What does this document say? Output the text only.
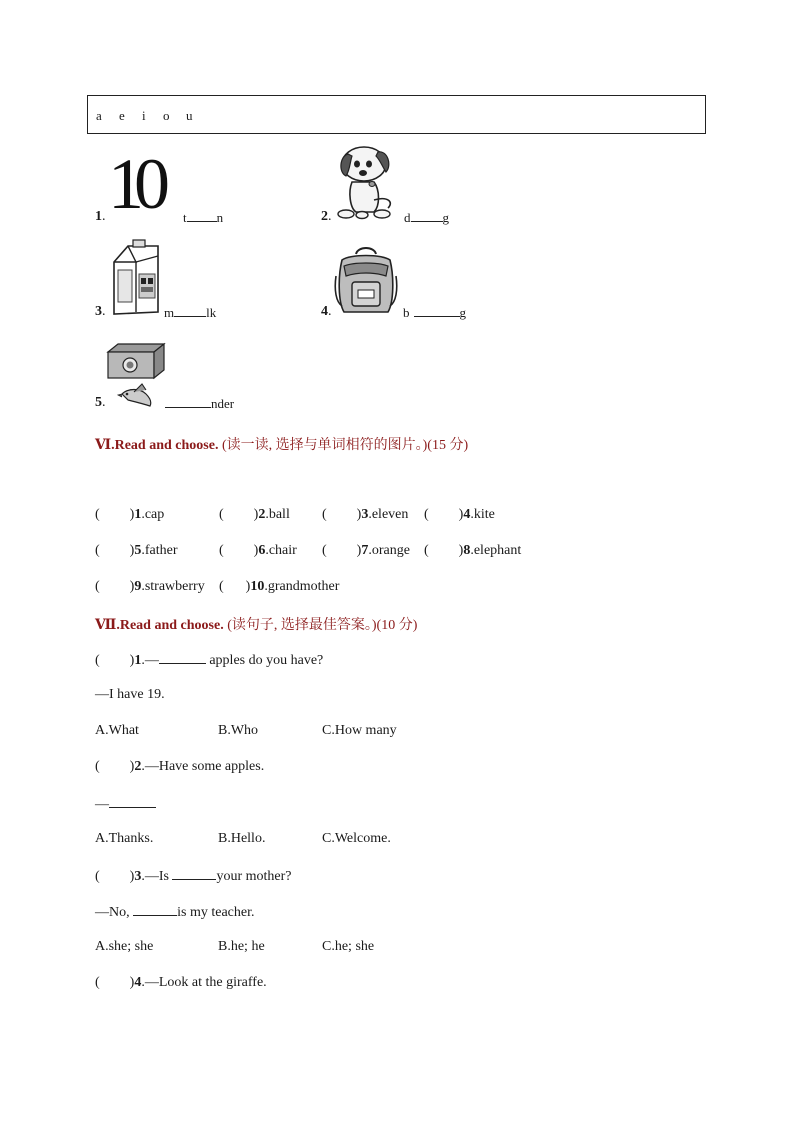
a e i o u
10
1.	t n	2.	d g
3.	m lk	4.	b	g
5.	nder
Ⅵ.Read and choose. (读一读, 选择与单词相符的图片。)(15 分)
( )1.cap	( )2.ball ( )3.eleven ( )4.kite
( )5.father	( )6.chair ( )7.orange ( )8.elephant
( )9.strawberry ( )10.grandmother
Ⅶ.Read and choose. (读句子, 选择最佳答案。)(10 分)
( )1.—	apples do you have?
—I have 19.
A.What	B.Who	C.How many
( )2.—Have some apples.
—
A.Thanks.	B.Hello.	C.Welcome.
( )3.—Is	your mother?
—No,	is my teacher.
A.she; she	B.he; he	C.he; she
( )4.—Look at the giraffe.
